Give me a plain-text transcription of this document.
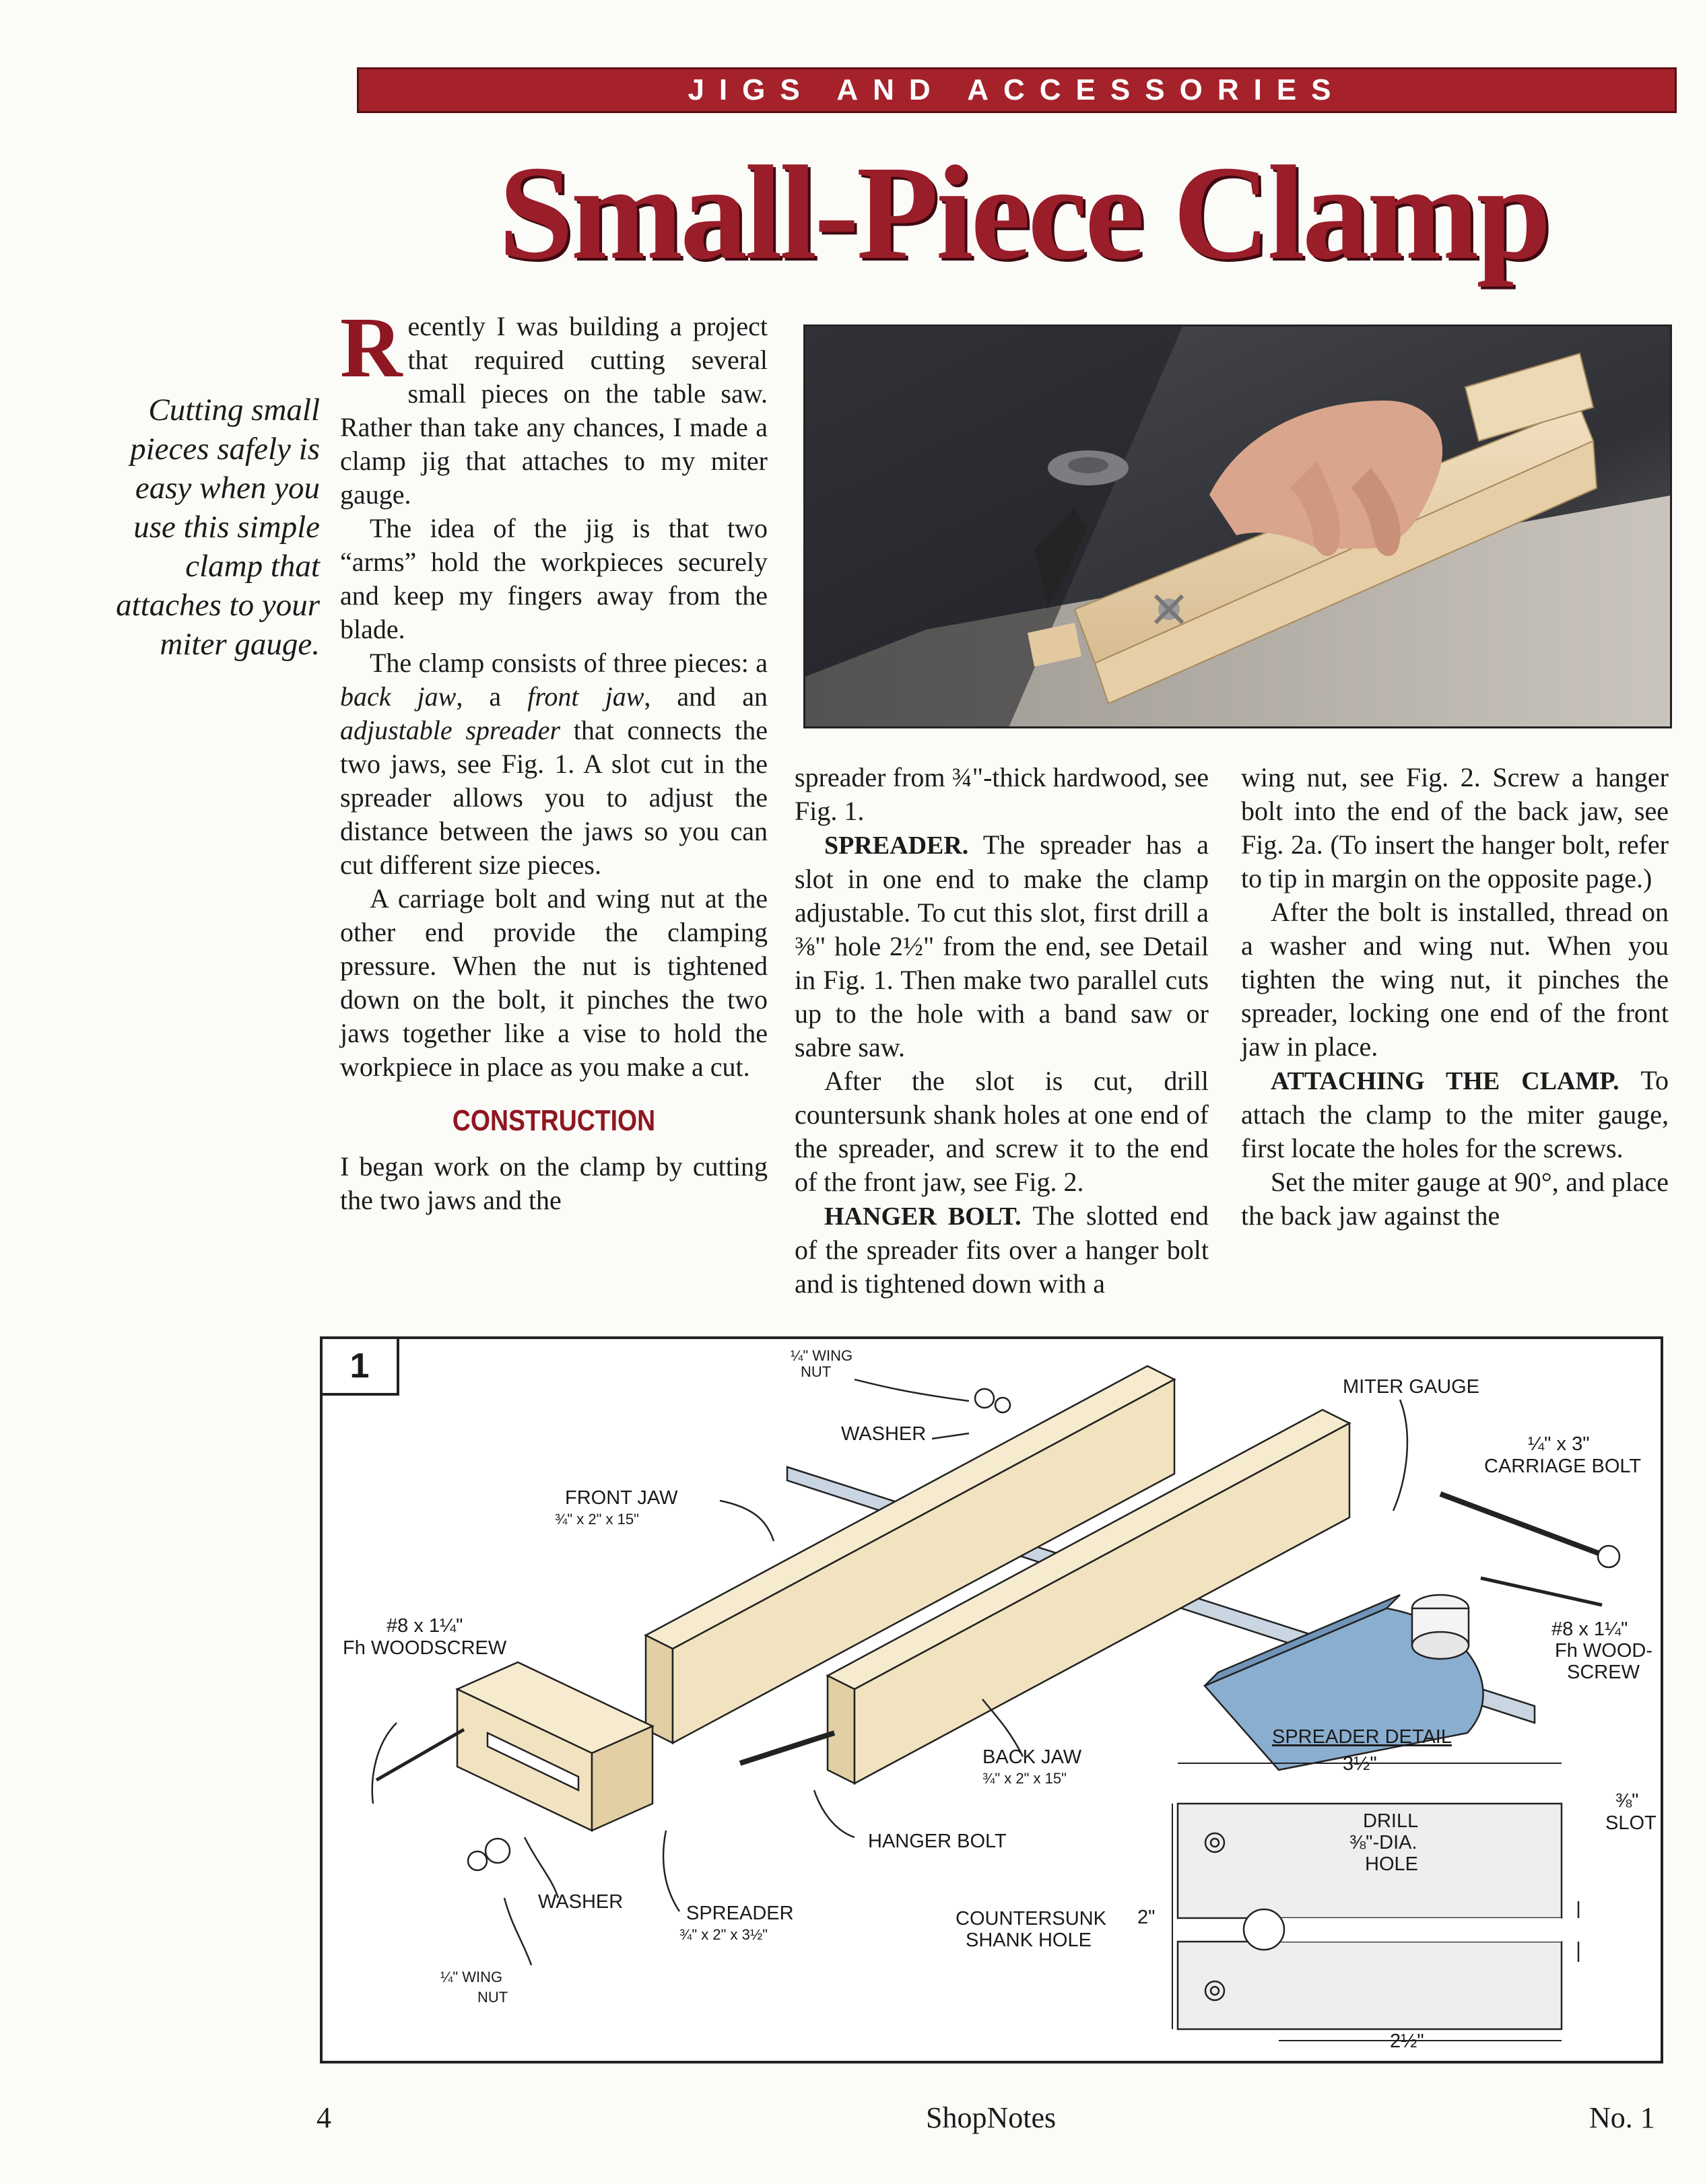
JIGS AND ACCESSORIES
Small-Piece Clamp
Cutting small pieces safely is easy when you use this simple clamp that attaches to your miter gauge.

Recently I was building a project that required cutting several small pieces on the table saw. Rather than take any chances, I made a clamp jig that attaches to my miter gauge.

The idea of the jig is that two “arms” hold the workpieces securely and keep my fingers away from the blade.

The clamp consists of three pieces: a back jaw, a front jaw, and an adjustable spreader that connects the two jaws, see Fig. 1. A slot cut in the spreader allows you to adjust the distance between the jaws so you can cut different size pieces.

A carriage bolt and wing nut at the other end provide the clamping pressure. When the nut is tightened down on the bolt, it pinches the two jaws together like a vise to hold the workpiece in place as you make a cut.

CONSTRUCTION

I began work on the clamp by cutting the two jaws and the

spreader from ¾"-thick hardwood, see Fig. 1.

SPREADER. The spreader has a slot in one end to make the clamp adjustable. To cut this slot, first drill a ⅜" hole 2½" from the end, see Detail in Fig. 1. Then make two parallel cuts up to the hole with a band saw or sabre saw.

After the slot is cut, drill countersunk shank holes at one end of the spreader, and screw it to the end of the front jaw, see Fig. 2.

HANGER BOLT. The slotted end of the spreader fits over a hanger bolt and is tightened down with a

wing nut, see Fig. 2. Screw a hanger bolt into the end of the back jaw, see Fig. 2a. (To insert the hanger bolt, refer to tip in margin on the opposite page.)

After the bolt is installed, thread on a washer and wing nut. When you tighten the wing nut, it pinches the spreader, locking one end of the front jaw in place.

ATTACHING THE CLAMP. To attach the clamp to the miter gauge, first locate the holes for the screws.

Set the miter gauge at 90°, and place the back jaw against the

1	¼" WING
NUT
WASHER
MITER GAUGE
¼" x 3"
CARRIAGE BOLT
FRONT JAW
¾" x 2" x 15"
#8 x 1¼"
Fh WOODSCREW
#8 x 1¼"
Fh WOOD-
SCREW
BACK JAW
¾" x 2" x 15"
SPREADER DETAIL
3½"
⅜"
SLOT
DRILL
⅜"-DIA.
HOLE
HANGER BOLT
WASHER
SPREADER
¾" x 2" x 3½"
COUNTERSUNK
SHANK HOLE
2"
¼" WING
NUT
2½"
4	ShopNotes	No. 1
